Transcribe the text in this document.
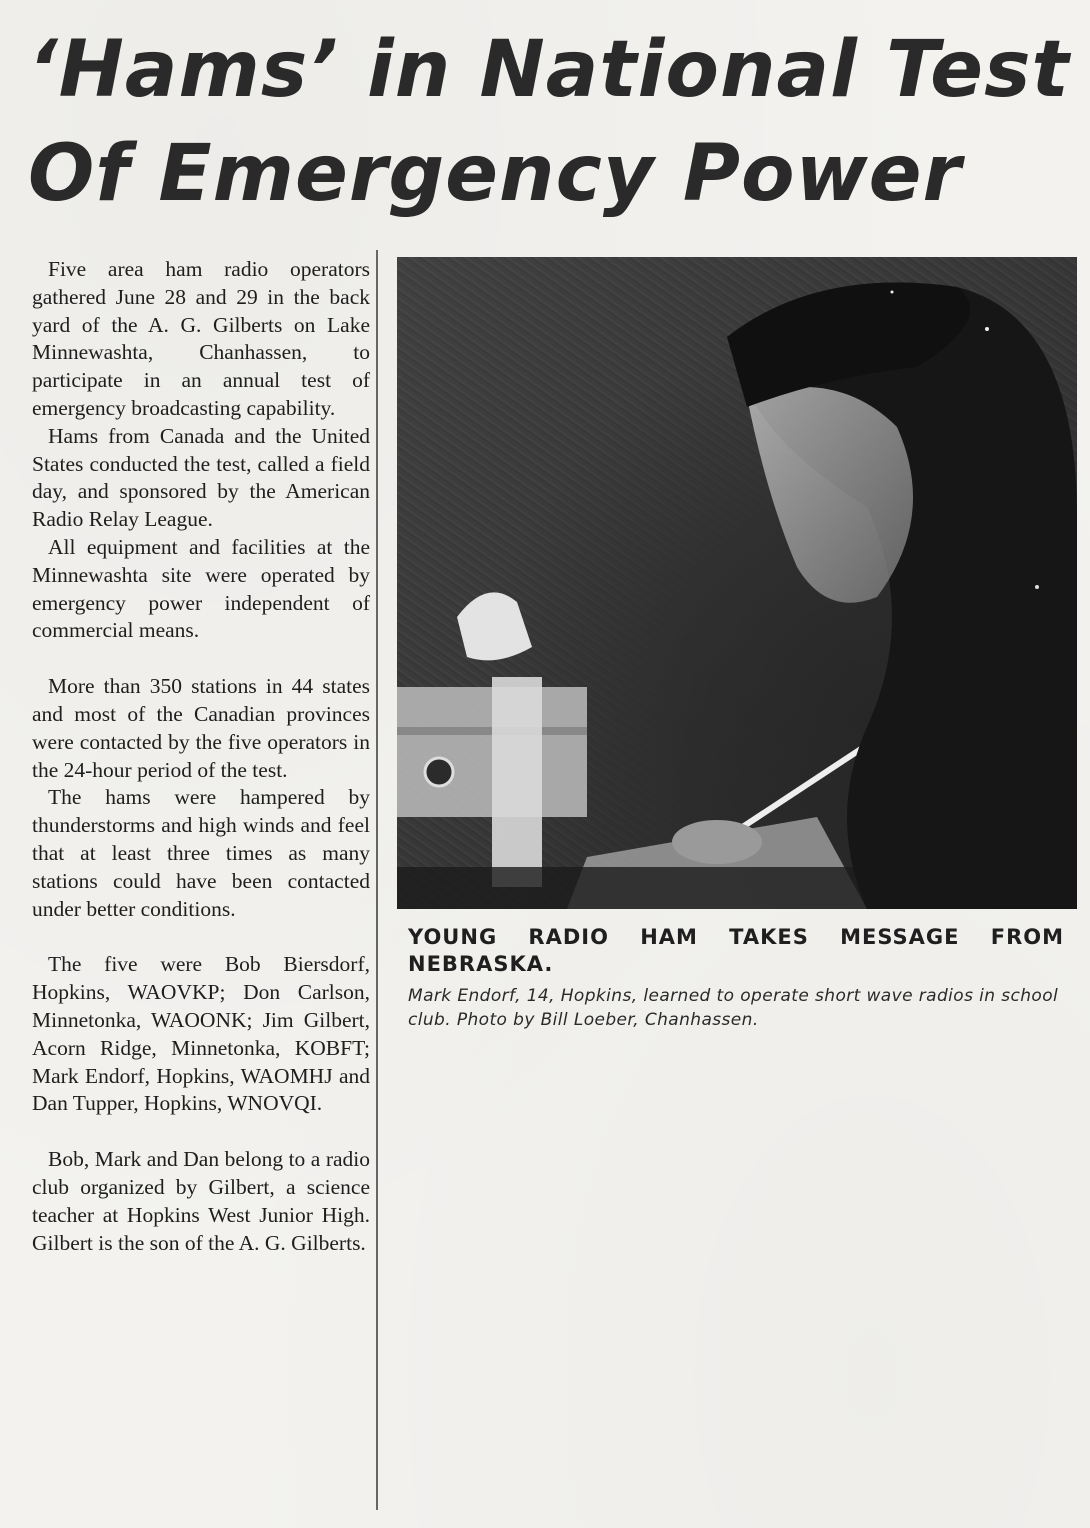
‘Hams’ in National Test
Of Emergency Power

Five area ham radio operators gathered June 28 and 29 in the back yard of the A. G. Gilberts on Lake Minnewashta, Chanhassen, to participate in an annual test of emergency broadcasting capability.

Hams from Canada and the United States conducted the test, called a field day, and sponsored by the American Radio Relay League.

All equipment and facilities at the Minnewashta site were operated by emergency power independent of commercial means.

More than 350 stations in 44 states and most of the Canadian provinces were contacted by the five operators in the 24-hour period of the test.

The hams were hampered by thunderstorms and high winds and feel that at least three times as many stations could have been contacted under better conditions.

The five were Bob Biersdorf, Hopkins, WAOVKP; Don Carlson, Minnetonka, WAOONK; Jim Gilbert, Acorn Ridge, Minnetonka, KOBFT; Mark Endorf, Hopkins, WAOMHJ and Dan Tupper, Hopkins, WNOVQI.

Bob, Mark and Dan belong to a radio club organized by Gilbert, a science teacher at Hopkins West Junior High. Gilbert is the son of the A. G. Gilberts.

YOUNG RADIO HAM TAKES MESSAGE FROM NEBRASKA.

Mark Endorf, 14, Hopkins, learned to operate short wave radios in school club. Photo by Bill Loeber, Chanhassen.
